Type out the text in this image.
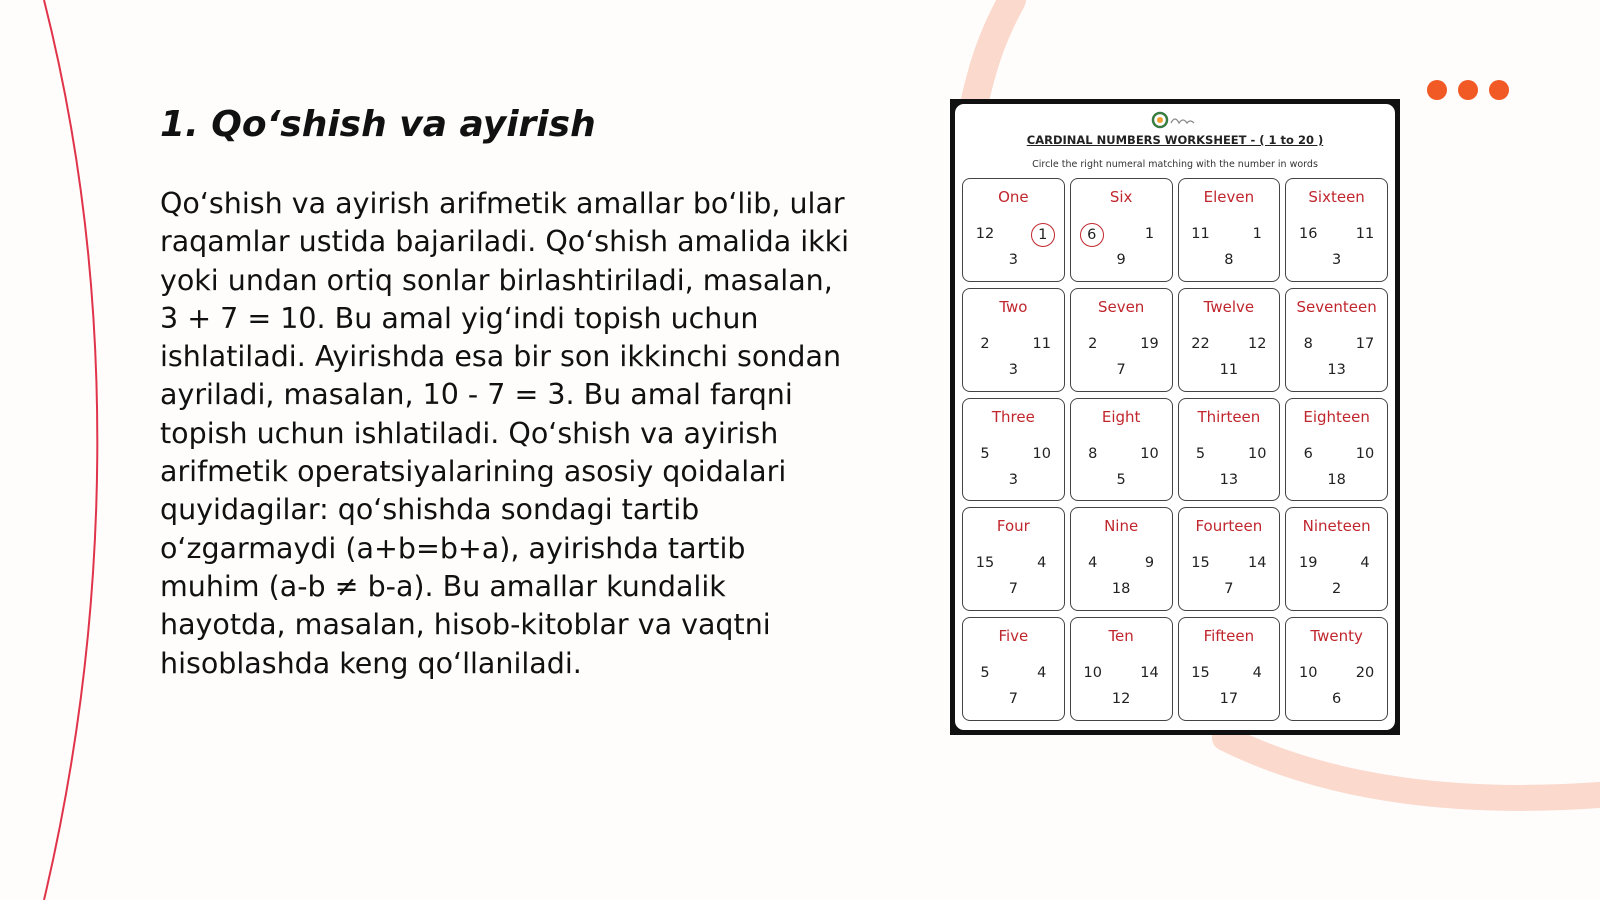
1. Qo‘shish va ayirish

Qo‘shish va ayirish arifmetik amallar bo‘lib, ular raqamlar ustida bajariladi. Qo‘shish amalida ikki yoki undan ortiq sonlar birlashtiriladi, masalan, 3 + 7 = 10. Bu amal yig‘indi topish uchun ishlatiladi. Ayirishda esa bir son ikkinchi sondan ayriladi, masalan, 10 - 7 = 3. Bu amal farqni topish uchun ishlatiladi. Qo‘shish va ayirish arifmetik operatsiyalarining asosiy qoidalari quyidagilar: qo‘shishda sondagi tartib o‘zgarmaydi (a+b=b+a), ayirishda tartib muhim (a-b ≠ b-a). Bu amallar kundalik hayotda, masalan, hisob-kitoblar va vaqtni hisoblashda keng qo‘llaniladi.

CARDINAL NUMBERS WORKSHEET - ( 1 to 20 )
Circle the right numeral matching with the number in words
One
12	1
3
Six
6	1
9
Eleven
11	1
8
Sixteen
16	11
3
Two
2	11
3
Seven
2	19
7
Twelve
22	12
11
Seventeen
8	17
13
Three
5	10
3
Eight
8	10
5
Thirteen
5	10
13
Eighteen
6	10
18
Four
15	4
7
Nine
4	9
18
Fourteen
15	14
7
Nineteen
19	4
2
Five
5	4
7
Ten
10	14
12
Fifteen
15	4
17
Twenty
10	20
6
